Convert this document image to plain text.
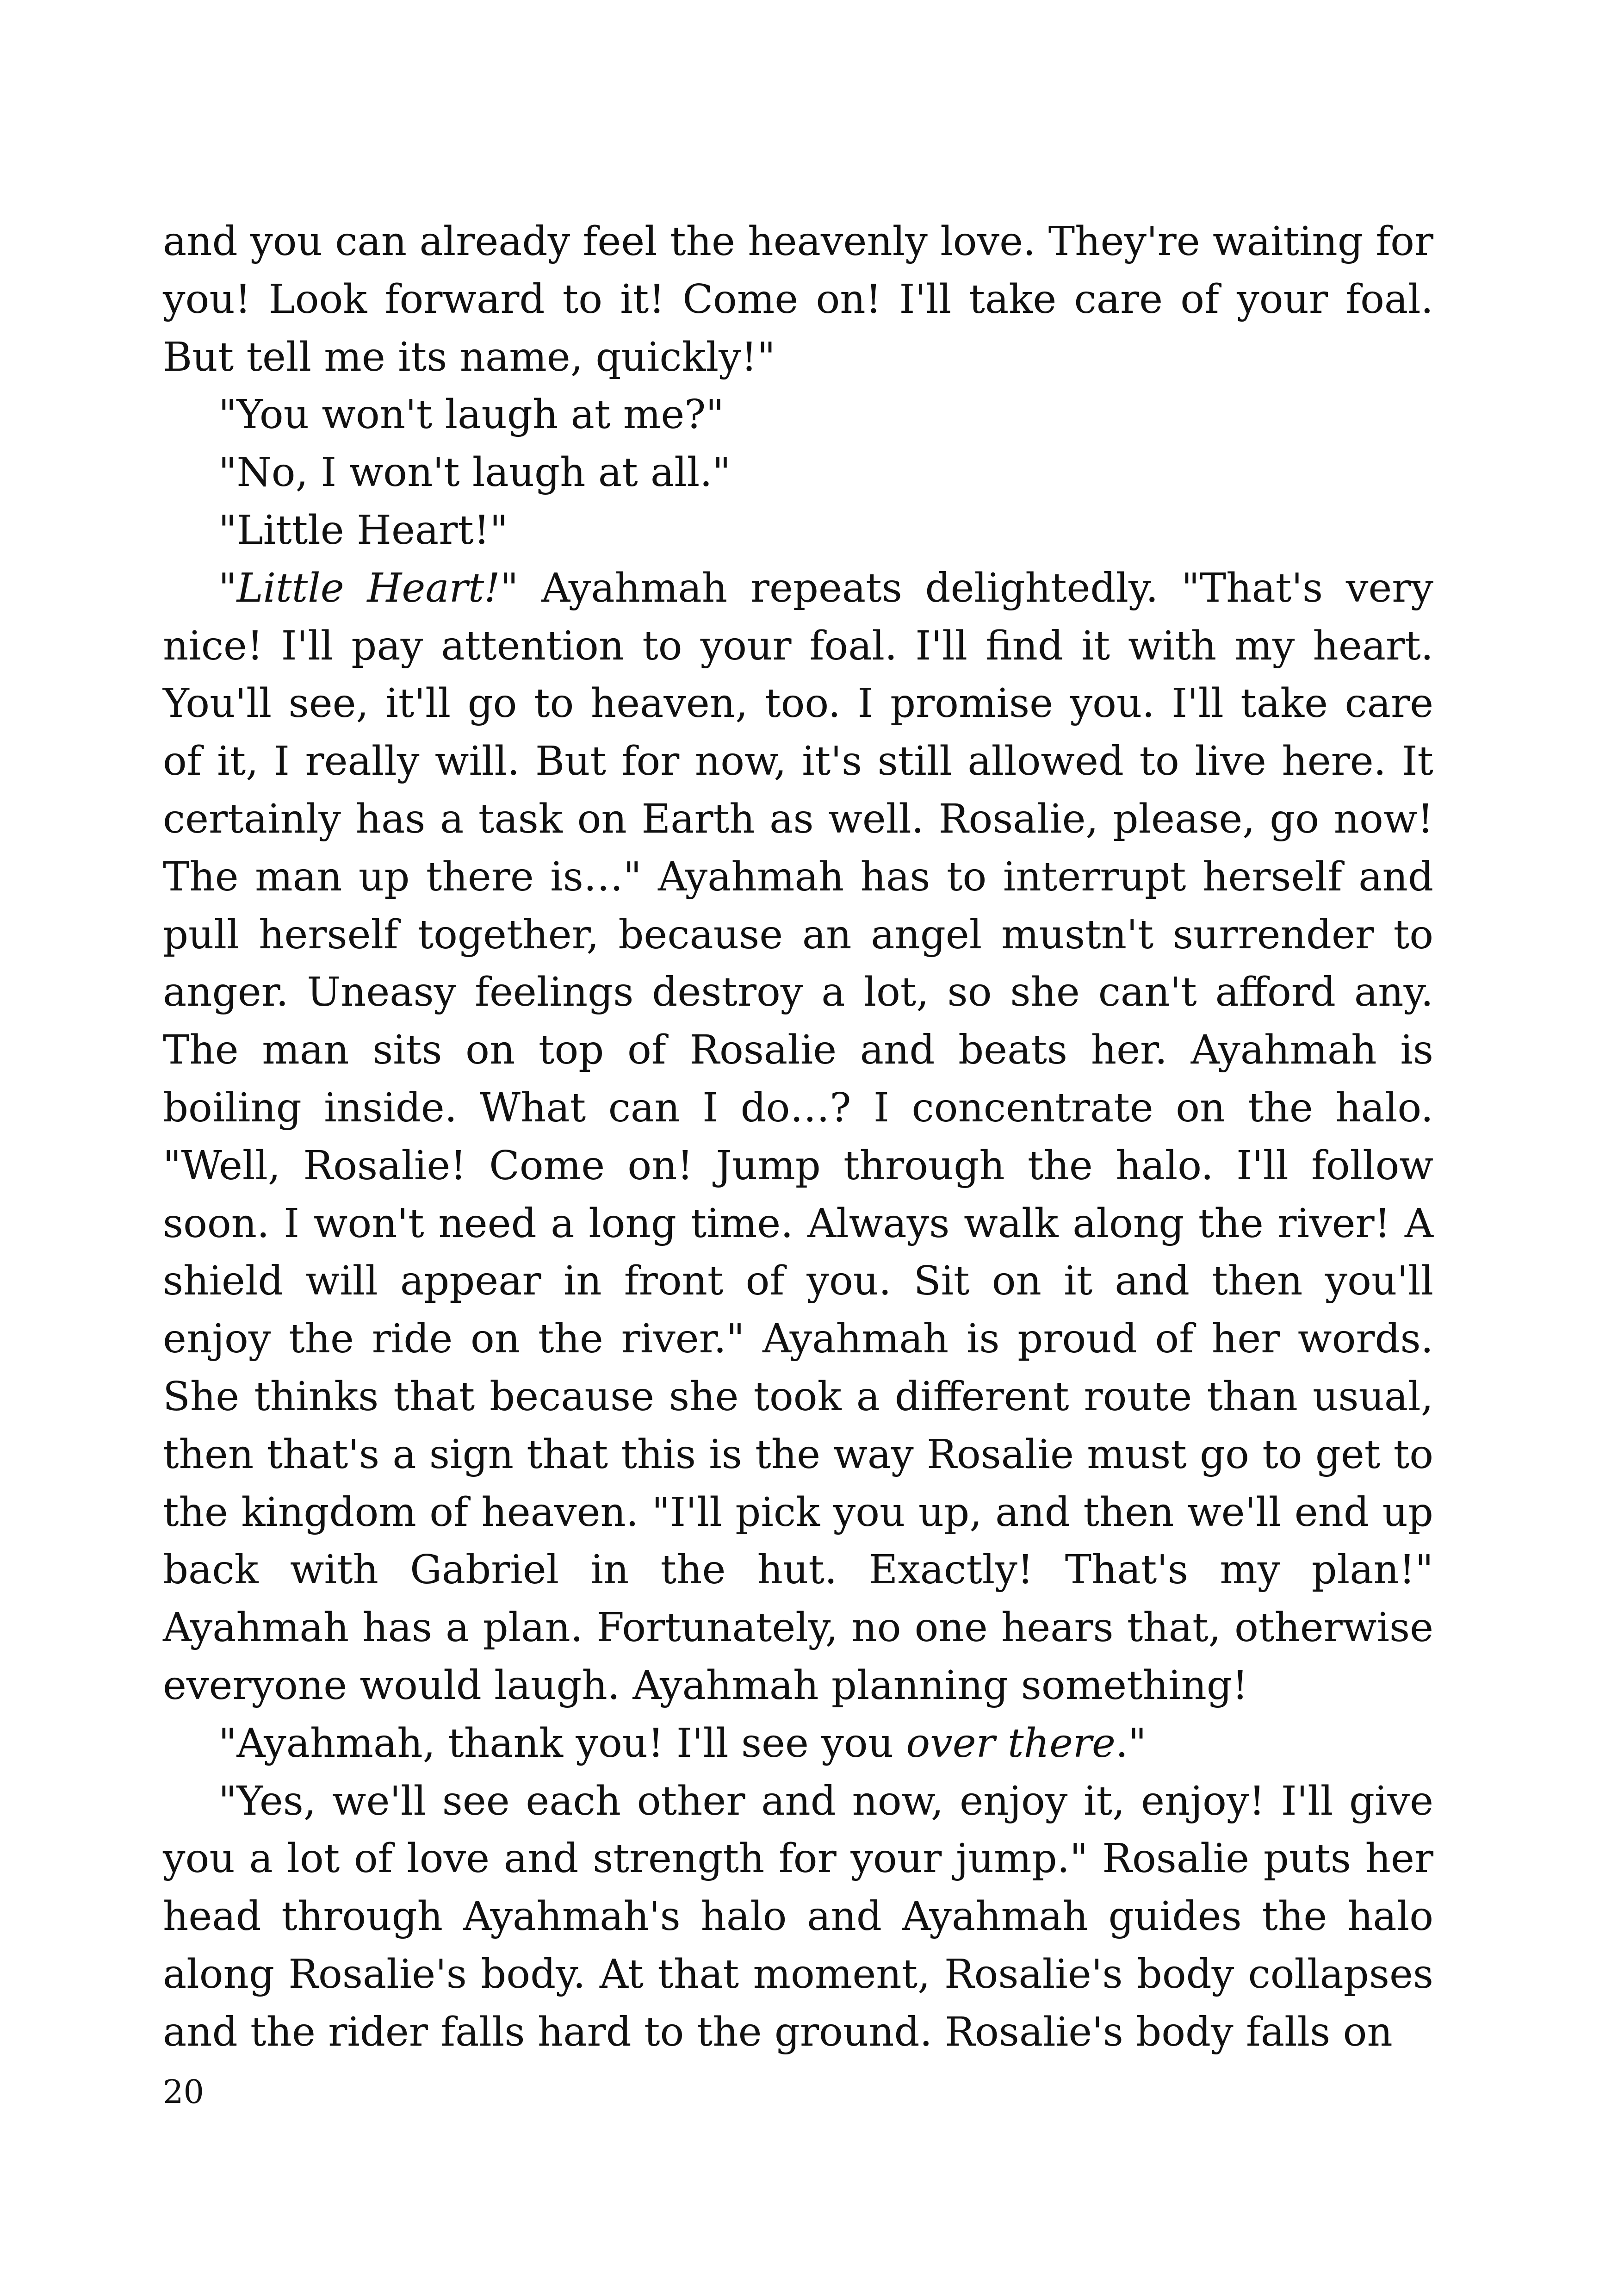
and you can already feel the heavenly love. They're waiting for you! Look forward to it! Come on! I'll take care of your foal. But tell me its name, quickly!"

"You won't laugh at me?"

"No, I won't laugh at all."

"Little Heart!"

"Little Heart!" Ayahmah repeats delightedly. "That's very nice! I'll pay attention to your foal. I'll find it with my heart. You'll see, it'll go to heaven, too. I promise you. I'll take care of it, I really will. But for now, it's still allowed to live here. It certainly has a task on Earth as well. Rosalie, please, go now! The man up there is…" Ayahmah has to interrupt herself and pull herself together, because an angel mustn't surrender to anger. Uneasy feelings destroy a lot, so she can't afford any. The man sits on top of Rosalie and beats her. Ayahmah is boiling inside. What can I do…? I concentrate on the halo. "Well, Rosalie! Come on! Jump through the halo. I'll follow soon. I won't need a long time. Always walk along the river! A shield will appear in front of you. Sit on it and then you'll enjoy the ride on the river." Ayahmah is proud of her words. She thinks that because she took a different route than usual, then that's a sign that this is the way Rosalie must go to get to the kingdom of heaven. "I'll pick you up, and then we'll end up back with Gabriel in the hut. Exactly! That's my plan!" Ayahmah has a plan. Fortunately, no one hears that, otherwise everyone would laugh. Ayahmah planning something!

"Ayahmah, thank you! I'll see you over there."

"Yes, we'll see each other and now, enjoy it, enjoy! I'll give you a lot of love and strength for your jump." Rosalie puts her head through Ayahmah's halo and Ayahmah guides the halo along Rosalie's body. At that moment, Rosalie's body collapses and the rider falls hard to the ground. Rosalie's body falls on

20
